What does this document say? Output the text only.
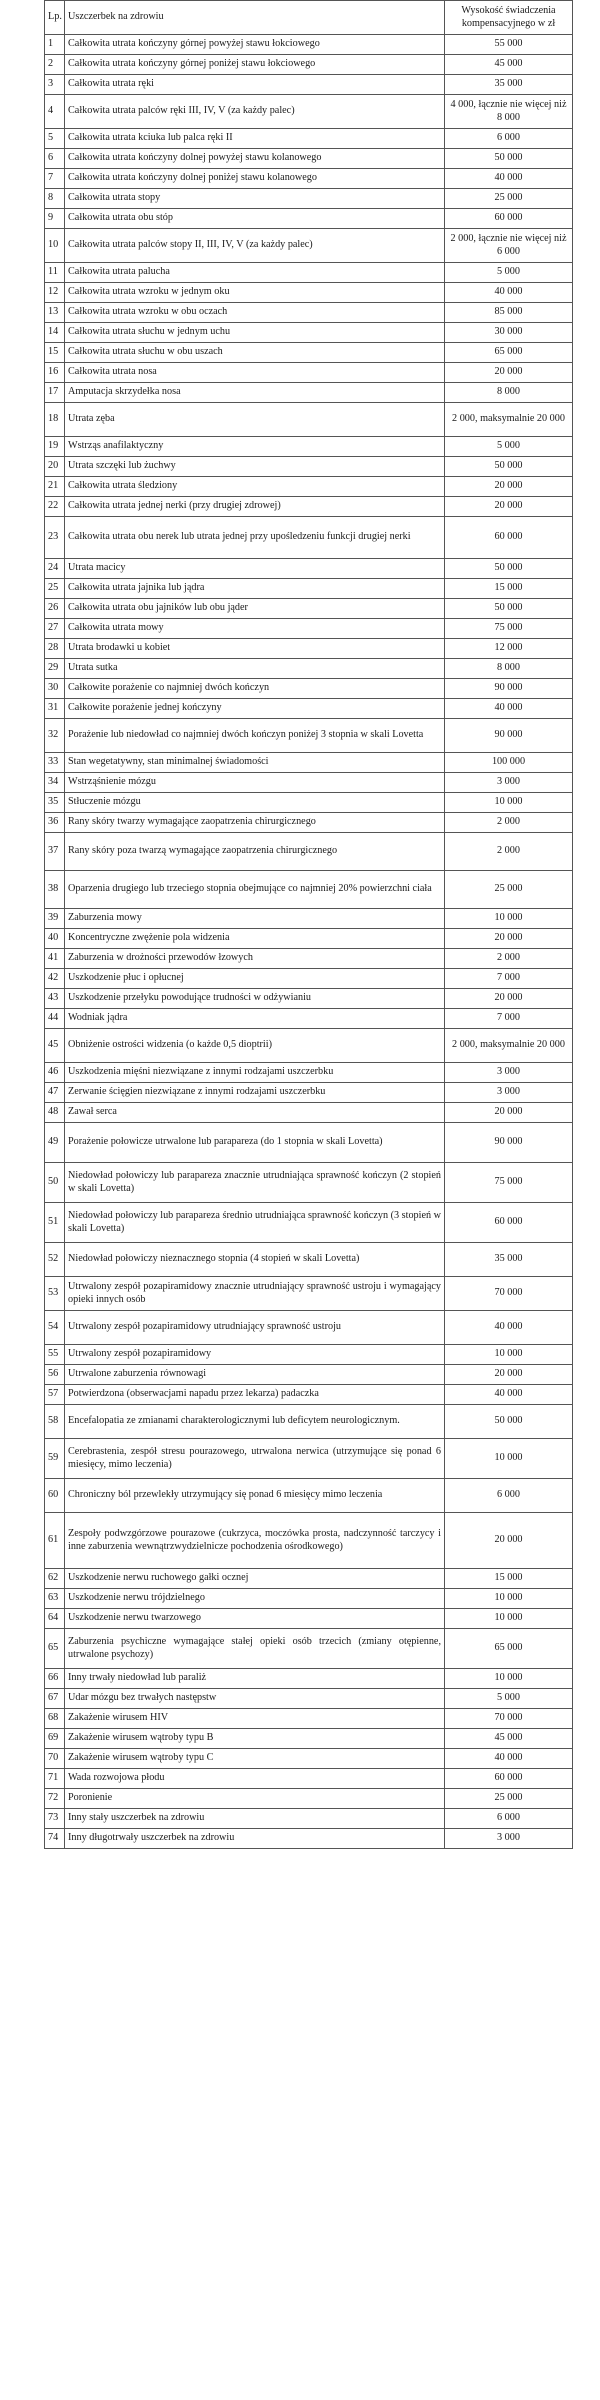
Lp.	Uszczerbek na zdrowiu	Wysokość świadczenia kompensacyjnego w zł
1	Całkowita utrata kończyny górnej powyżej stawu łokciowego	55 000
2	Całkowita utrata kończyny górnej poniżej stawu łokciowego	45 000
3	Całkowita utrata ręki	35 000
4	Całkowita utrata palców ręki III, IV, V (za każdy palec)	4 000, łącznie nie więcej niż 8 000
5	Całkowita utrata kciuka lub palca ręki II	6 000
6	Całkowita utrata kończyny dolnej powyżej stawu kolanowego	50 000
7	Całkowita utrata kończyny dolnej poniżej stawu kolanowego	40 000
8	Całkowita utrata stopy	25 000
9	Całkowita utrata obu stóp	60 000
10	Całkowita utrata palców stopy II, III, IV, V (za każdy palec)	2 000, łącznie nie więcej niż 6 000
11	Całkowita utrata palucha	5 000
12	Całkowita utrata wzroku w jednym oku	40 000
13	Całkowita utrata wzroku w obu oczach	85 000
14	Całkowita utrata słuchu w jednym uchu	30 000
15	Całkowita utrata słuchu w obu uszach	65 000
16	Całkowita utrata nosa	20 000
17	Amputacja skrzydełka nosa	8 000
18	Utrata zęba	2 000, maksymalnie 20 000
19	Wstrząs anafilaktyczny	5 000
20	Utrata szczęki lub żuchwy	50 000
21	Całkowita utrata śledziony	20 000
22	Całkowita utrata jednej nerki (przy drugiej zdrowej)	20 000
23	Całkowita utrata obu nerek lub utrata jednej przy upośledzeniu funkcji drugiej nerki	60 000
24	Utrata macicy	50 000
25	Całkowita utrata jajnika lub jądra	15 000
26	Całkowita utrata obu jajników lub obu jąder	50 000
27	Całkowita utrata mowy	75 000
28	Utrata brodawki u kobiet	12 000
29	Utrata sutka	8 000
30	Całkowite porażenie co najmniej dwóch kończyn	90 000
31	Całkowite porażenie jednej kończyny	40 000
32	Porażenie lub niedowład co najmniej dwóch kończyn poniżej 3 stopnia w skali Lovetta	90 000
33	Stan wegetatywny, stan minimalnej świadomości	100 000
34	Wstrząśnienie mózgu	3 000
35	Stłuczenie mózgu	10 000
36	Rany skóry twarzy wymagające zaopatrzenia chirurgicznego	2 000
37	Rany skóry poza twarzą wymagające zaopatrzenia chirurgicznego	2 000
38	Oparzenia drugiego lub trzeciego stopnia obejmujące co najmniej 20% powierzchni ciała	25 000
39	Zaburzenia mowy	10 000
40	Koncentryczne zwężenie pola widzenia	20 000
41	Zaburzenia w drożności przewodów łzowych	2 000
42	Uszkodzenie płuc i opłucnej	7 000
43	Uszkodzenie przełyku powodujące trudności w odżywianiu	20 000
44	Wodniak jądra	7 000
45	Obniżenie ostrości widzenia (o każde 0,5 dioptrii)	2 000, maksymalnie 20 000
46	Uszkodzenia mięśni niezwiązane z innymi rodzajami uszczerbku	3 000
47	Zerwanie ścięgien niezwiązane z innymi rodzajami uszczerbku	3 000
48	Zawał serca	20 000
49	Porażenie połowicze utrwalone lub parapareza (do 1 stopnia w skali Lovetta)	90 000
50	Niedowład połowiczy lub parapareza znacznie utrudniająca sprawność kończyn (2 stopień w skali Lovetta)	75 000
51	Niedowład połowiczy lub parapareza średnio utrudniająca sprawność kończyn (3 stopień w skali Lovetta)	60 000
52	Niedowład połowiczy nieznacznego stopnia (4 stopień w skali Lovetta)	35 000
53	Utrwalony zespół pozapiramidowy znacznie utrudniający sprawność ustroju i wymagający opieki innych osób	70 000
54	Utrwalony zespół pozapiramidowy utrudniający sprawność ustroju	40 000
55	Utrwalony zespół pozapiramidowy	10 000
56	Utrwalone zaburzenia równowagi	20 000
57	Potwierdzona (obserwacjami napadu przez lekarza) padaczka	40 000
58	Encefalopatia ze zmianami charakterologicznymi lub deficytem neurologicznym.	50 000
59	Cerebrastenia, zespół stresu pourazowego, utrwalona nerwica (utrzymujące się ponad 6 miesięcy, mimo leczenia)	10 000
60	Chroniczny ból przewlekły utrzymujący się ponad 6 miesięcy mimo leczenia	6 000
61	Zespoły podwzgórzowe pourazowe (cukrzyca, moczówka prosta, nadczynność tarczycy i inne zaburzenia wewnątrzwydzielnicze pochodzenia ośrodkowego)	20 000
62	Uszkodzenie nerwu ruchowego gałki ocznej	15 000
63	Uszkodzenie nerwu trójdzielnego	10 000
64	Uszkodzenie nerwu twarzowego	10 000
65	Zaburzenia psychiczne wymagające stałej opieki osób trzecich (zmiany otępienne, utrwalone psychozy)	65 000
66	Inny trwały niedowład lub paraliż	10 000
67	Udar mózgu bez trwałych następstw	5 000
68	Zakażenie wirusem HIV	70 000
69	Zakażenie wirusem wątroby typu B	45 000
70	Zakażenie wirusem wątroby typu C	40 000
71	Wada rozwojowa płodu	60 000
72	Poronienie	25 000
73	Inny stały uszczerbek na zdrowiu	6 000
74	Inny długotrwały uszczerbek na zdrowiu	3 000
